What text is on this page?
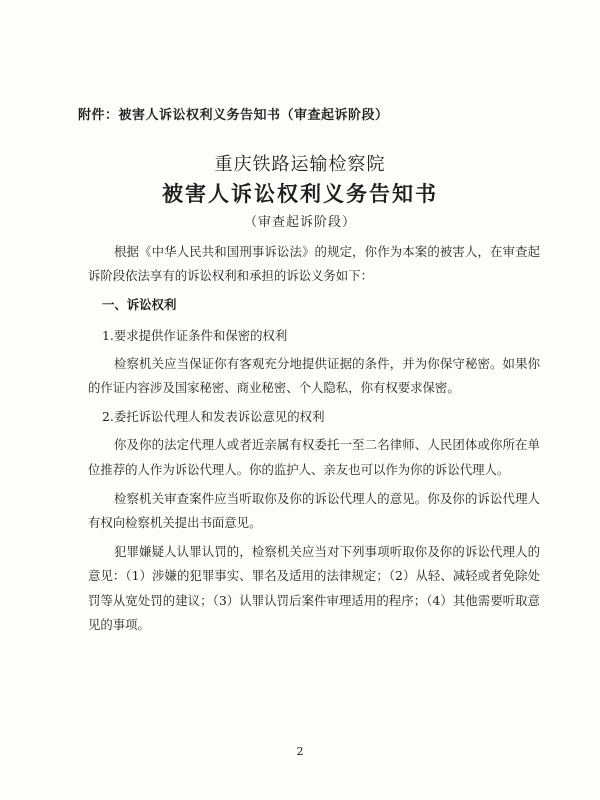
附件：被害人诉讼权利义务告知书（审查起诉阶段）
重庆铁路运输检察院
被害人诉讼权利义务告知书
（审查起诉阶段）

根据《中华人民共和国刑事诉讼法》的规定，你作为本案的被害人，在审查起诉阶段依法享有的诉讼权利和承担的诉讼义务如下：

一、诉讼权利

1.要求提供作证条件和保密的权利

检察机关应当保证你有客观充分地提供证据的条件，并为你保守秘密。如果你的作证内容涉及国家秘密、商业秘密、个人隐私，你有权要求保密。

2.委托诉讼代理人和发表诉讼意见的权利

你及你的法定代理人或者近亲属有权委托一至二名律师、人民团体或你所在单位推荐的人作为诉讼代理人。你的监护人、亲友也可以作为你的诉讼代理人。

检察机关审查案件应当听取你及你的诉讼代理人的意见。你及你的诉讼代理人有权向检察机关提出书面意见。

犯罪嫌疑人认罪认罚的，检察机关应当对下列事项听取你及你的诉讼代理人的意见：（1）涉嫌的犯罪事实、罪名及适用的法律规定；（2）从轻、减轻或者免除处罚等从宽处罚的建议；（3）认罪认罚后案件审理适用的程序；（4）其他需要听取意见的事项。

2
